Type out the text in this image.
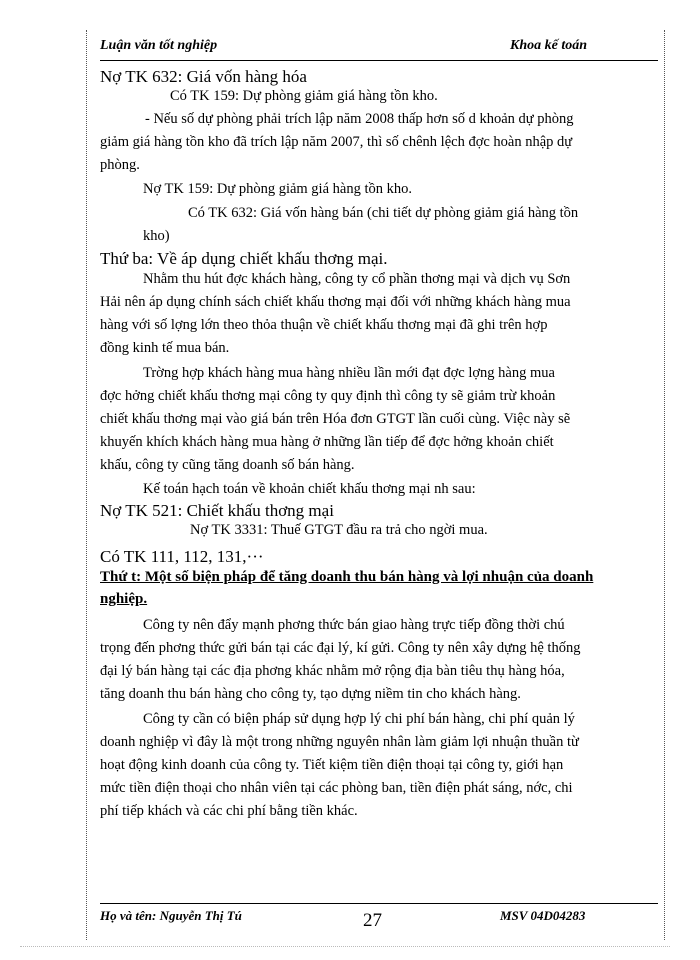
Luận văn tốt nghiệp	Khoa kế toán
Nợ TK 632: Giá vốn hàng hóa
Có TK 159: Dự phòng giảm giá hàng tồn kho.
- Nếu số dự phòng phải trích lập năm 2008 thấp hơn số d khoản dự phòng
giảm giá hàng tồn kho đã trích lập năm 2007, thì số chênh lệch đợc hoàn nhập dự
phòng.
Nợ TK 159: Dự phòng giảm giá hàng tồn kho.
Có TK 632: Giá vốn hàng bán (chi tiết dự phòng giảm giá hàng tồn
kho)
Thứ ba: Về áp dụng chiết khấu thơng mại.
Nhằm thu hút đợc khách hàng, công ty cổ phần thơng mại và dịch vụ Sơn
Hải nên áp dụng chính sách chiết khấu thơng mại đối với những khách hàng mua
hàng với số lợng lớn theo thỏa thuận về chiết khấu thơng mại đã ghi trên hợp
đồng kinh tế mua bán.
Trờng hợp khách hàng mua hàng nhiều lần mới đạt đợc lợng hàng mua
đợc hởng chiết khấu thơng mại công ty quy định thì công ty sẽ giảm trừ khoản
chiết khấu thơng mại vào giá bán trên Hóa đơn GTGT lần cuối cùng. Việc này sẽ
khuyến khích khách hàng mua hàng ở những lần tiếp để đợc hởng khoản chiết
khấu, công ty cũng tăng doanh số bán hàng.
Kế toán hạch toán về khoản chiết khấu thơng mại nh sau:
Nợ TK 521: Chiết khấu thơng mại
Nợ TK 3331: Thuế GTGT đầu ra trả cho ngời mua.
Có TK 111, 112, 131,···
Thứ t: Một số biện pháp để tăng doanh thu bán hàng và lợi nhuận của doanh
nghiệp.
Công ty nên đẩy mạnh phơng thức bán giao hàng trực tiếp đồng thời chú
trọng đến phơng thức gửi bán tại các đại lý, kí gửi. Công ty nên xây dựng hệ thống
đại lý bán hàng tại các địa phơng khác nhằm mở rộng địa bàn tiêu thụ hàng hóa,
tăng doanh thu bán hàng cho công ty, tạo dựng niềm tin cho khách hàng.
Công ty cần có biện pháp sử dụng hợp lý chi phí bán hàng, chi phí quản lý
doanh nghiệp vì đây là một trong những nguyên nhân làm giảm lợi nhuận thuần từ
hoạt động kinh doanh của công ty. Tiết kiệm tiền điện thoại tại công ty, giới hạn
mức tiền điện thoại cho nhân viên tại các phòng ban, tiền điện phát sáng, nớc, chi
phí tiếp khách và các chi phí bằng tiền khác.
Họ và tên: Nguyễn Thị Tú	27	MSV 04D04283
